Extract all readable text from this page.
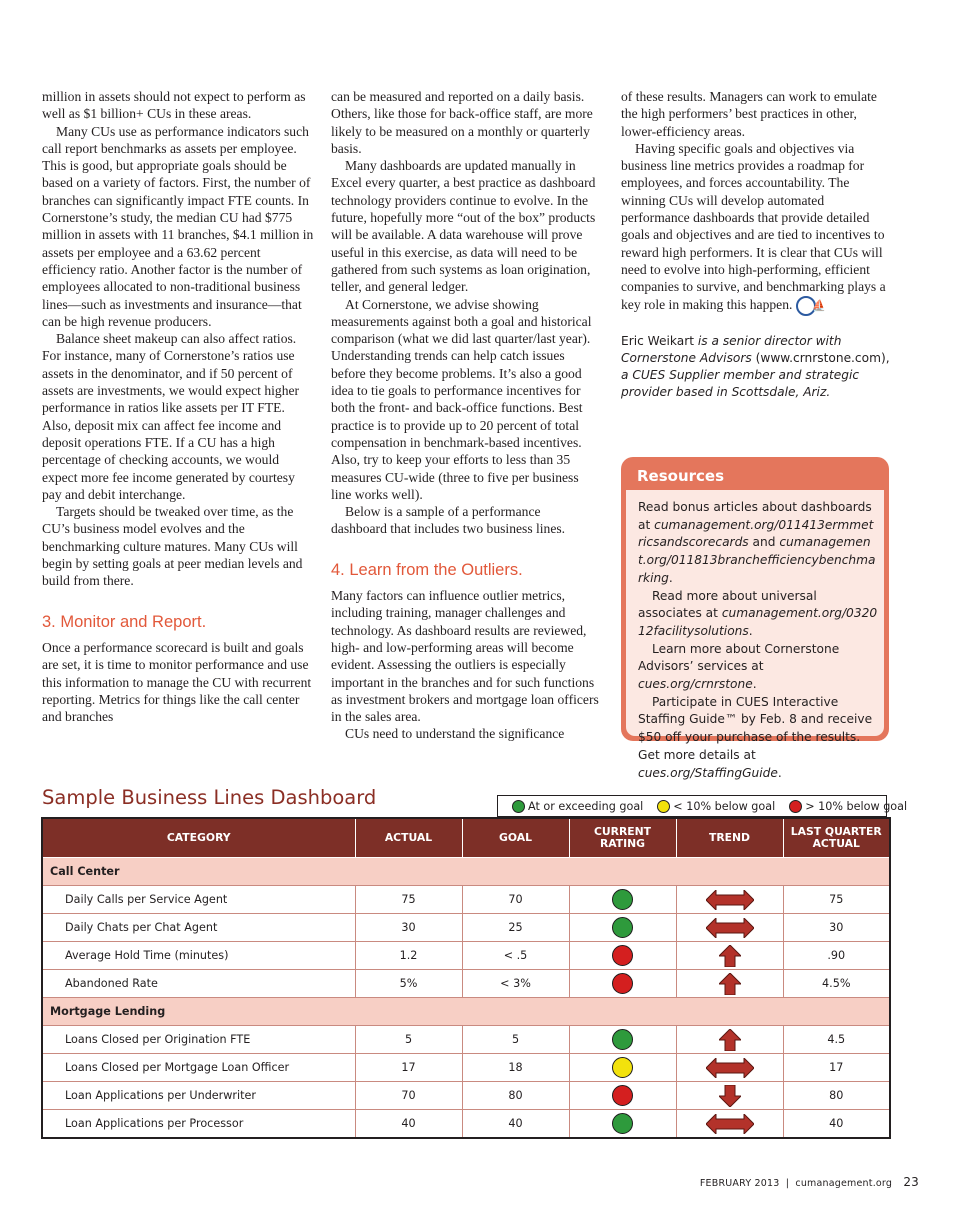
million in assets should not expect to perform as well as $1 billion+ CUs in these areas.

Many CUs use as performance indicators such call report benchmarks as assets per employee. This is good, but appropriate goals should be based on a variety of factors. First, the number of branches can significantly impact FTE counts. In Cornerstone’s study, the median CU had $775 million in assets with 11 branches, $4.1 million in assets per employee and a 63.62 percent efficiency ratio. Another factor is the number of employees allocated to non-traditional business lines—such as investments and insurance—that can be high revenue producers.

Balance sheet makeup can also affect ratios. For instance, many of Cornerstone’s ratios use assets in the denominator, and if 50 percent of assets are investments, we would expect higher performance in ratios like assets per IT FTE. Also, deposit mix can affect fee income and deposit operations FTE. If a CU has a high percentage of checking accounts, we would expect more fee income generated by courtesy pay and debit interchange.

Targets should be tweaked over time, as the CU’s business model evolves and the benchmarking culture matures. Many CUs will begin by setting goals at peer median levels and build from there.

3. Monitor and Report.

Once a performance scorecard is built and goals are set, it is time to monitor performance and use this information to manage the CU with recurrent reporting. Metrics for things like the call center and branches

can be measured and reported on a daily basis. Others, like those for back-office staff, are more likely to be measured on a monthly or quarterly basis.

Many dashboards are updated manually in Excel every quarter, a best practice as dashboard technology providers continue to evolve. In the future, hopefully more “out of the box” products will be available. A data warehouse will prove useful in this exercise, as data will need to be gathered from such systems as loan origination, teller, and general ledger.

At Cornerstone, we advise showing measurements against both a goal and historical comparison (what we did last quarter/last year). Understanding trends can help catch issues before they become problems. It’s also a good idea to tie goals to performance incentives for both the front- and back-office functions. Best practice is to provide up to 20 percent of total compensation in benchmark-based incentives. Also, try to keep your efforts to less than 35 measures CU-wide (three to five per business line works well).

Below is a sample of a performance dashboard that includes two business lines.

4. Learn from the Outliers.

Many factors can influence outlier metrics, including training, manager challenges and technology. As dashboard results are reviewed, high- and low-performing areas will become evident. Assessing the outliers is especially important in the branches and for such functions as investment brokers and mortgage loan officers in the sales area.

CUs need to understand the significance

of these results. Managers can work to emulate the high performers’ best practices in other, lower-efficiency areas.

Having specific goals and objectives via business line metrics provides a roadmap for employees, and forces accountability. The winning CUs will develop automated performance dashboards that provide detailed goals and objectives and are tied to incentives to reward high performers. It is clear that CUs will need to evolve into high-performing, efficient companies to survive, and benchmarking plays a key role in making this happen. ⛵

Eric Weikart is a senior director with Cornerstone Advisors (www.crnrstone.com), a CUES Supplier member and strategic provider based in Scottsdale, Ariz.
Resources

Read bonus articles about dashboards at cumanagement.org/011413ermmetricsandscorecards and cumanagement.org/011813branchefficiencybenchmarking.

Read more about universal associates at cumanagement.org/032012facilitysolutions.

Learn more about Cornerstone Advisors’ services at cues.org/crnrstone.

Participate in CUES Interactive Staffing Guide™ by Feb. 8 and receive $50 off your purchase of the results. Get more details at cues.org/StaffingGuide.

Sample Business Lines Dashboard	At or exceeding goal	< 10% below goal	> 10% below goal
CATEGORY	ACTUAL	GOAL	CURRENT RATING	TREND	LAST QUARTER ACTUAL
Call Center					
Daily Calls per Service Agent	75	70			75
Daily Chats per Chat Agent	30	25			30
Average Hold Time (minutes)	1.2	< .5			.90
Abandoned Rate	5%	< 3%			4.5%
Mortgage Lending					
Loans Closed per Origination FTE	5	5			4.5
Loans Closed per Mortgage Loan Officer	17	18			17
Loan Applications per Underwriter	70	80			80
Loan Applications per Processor	40	40			40
FEBRUARY 2013 | cumanagement.org 23
